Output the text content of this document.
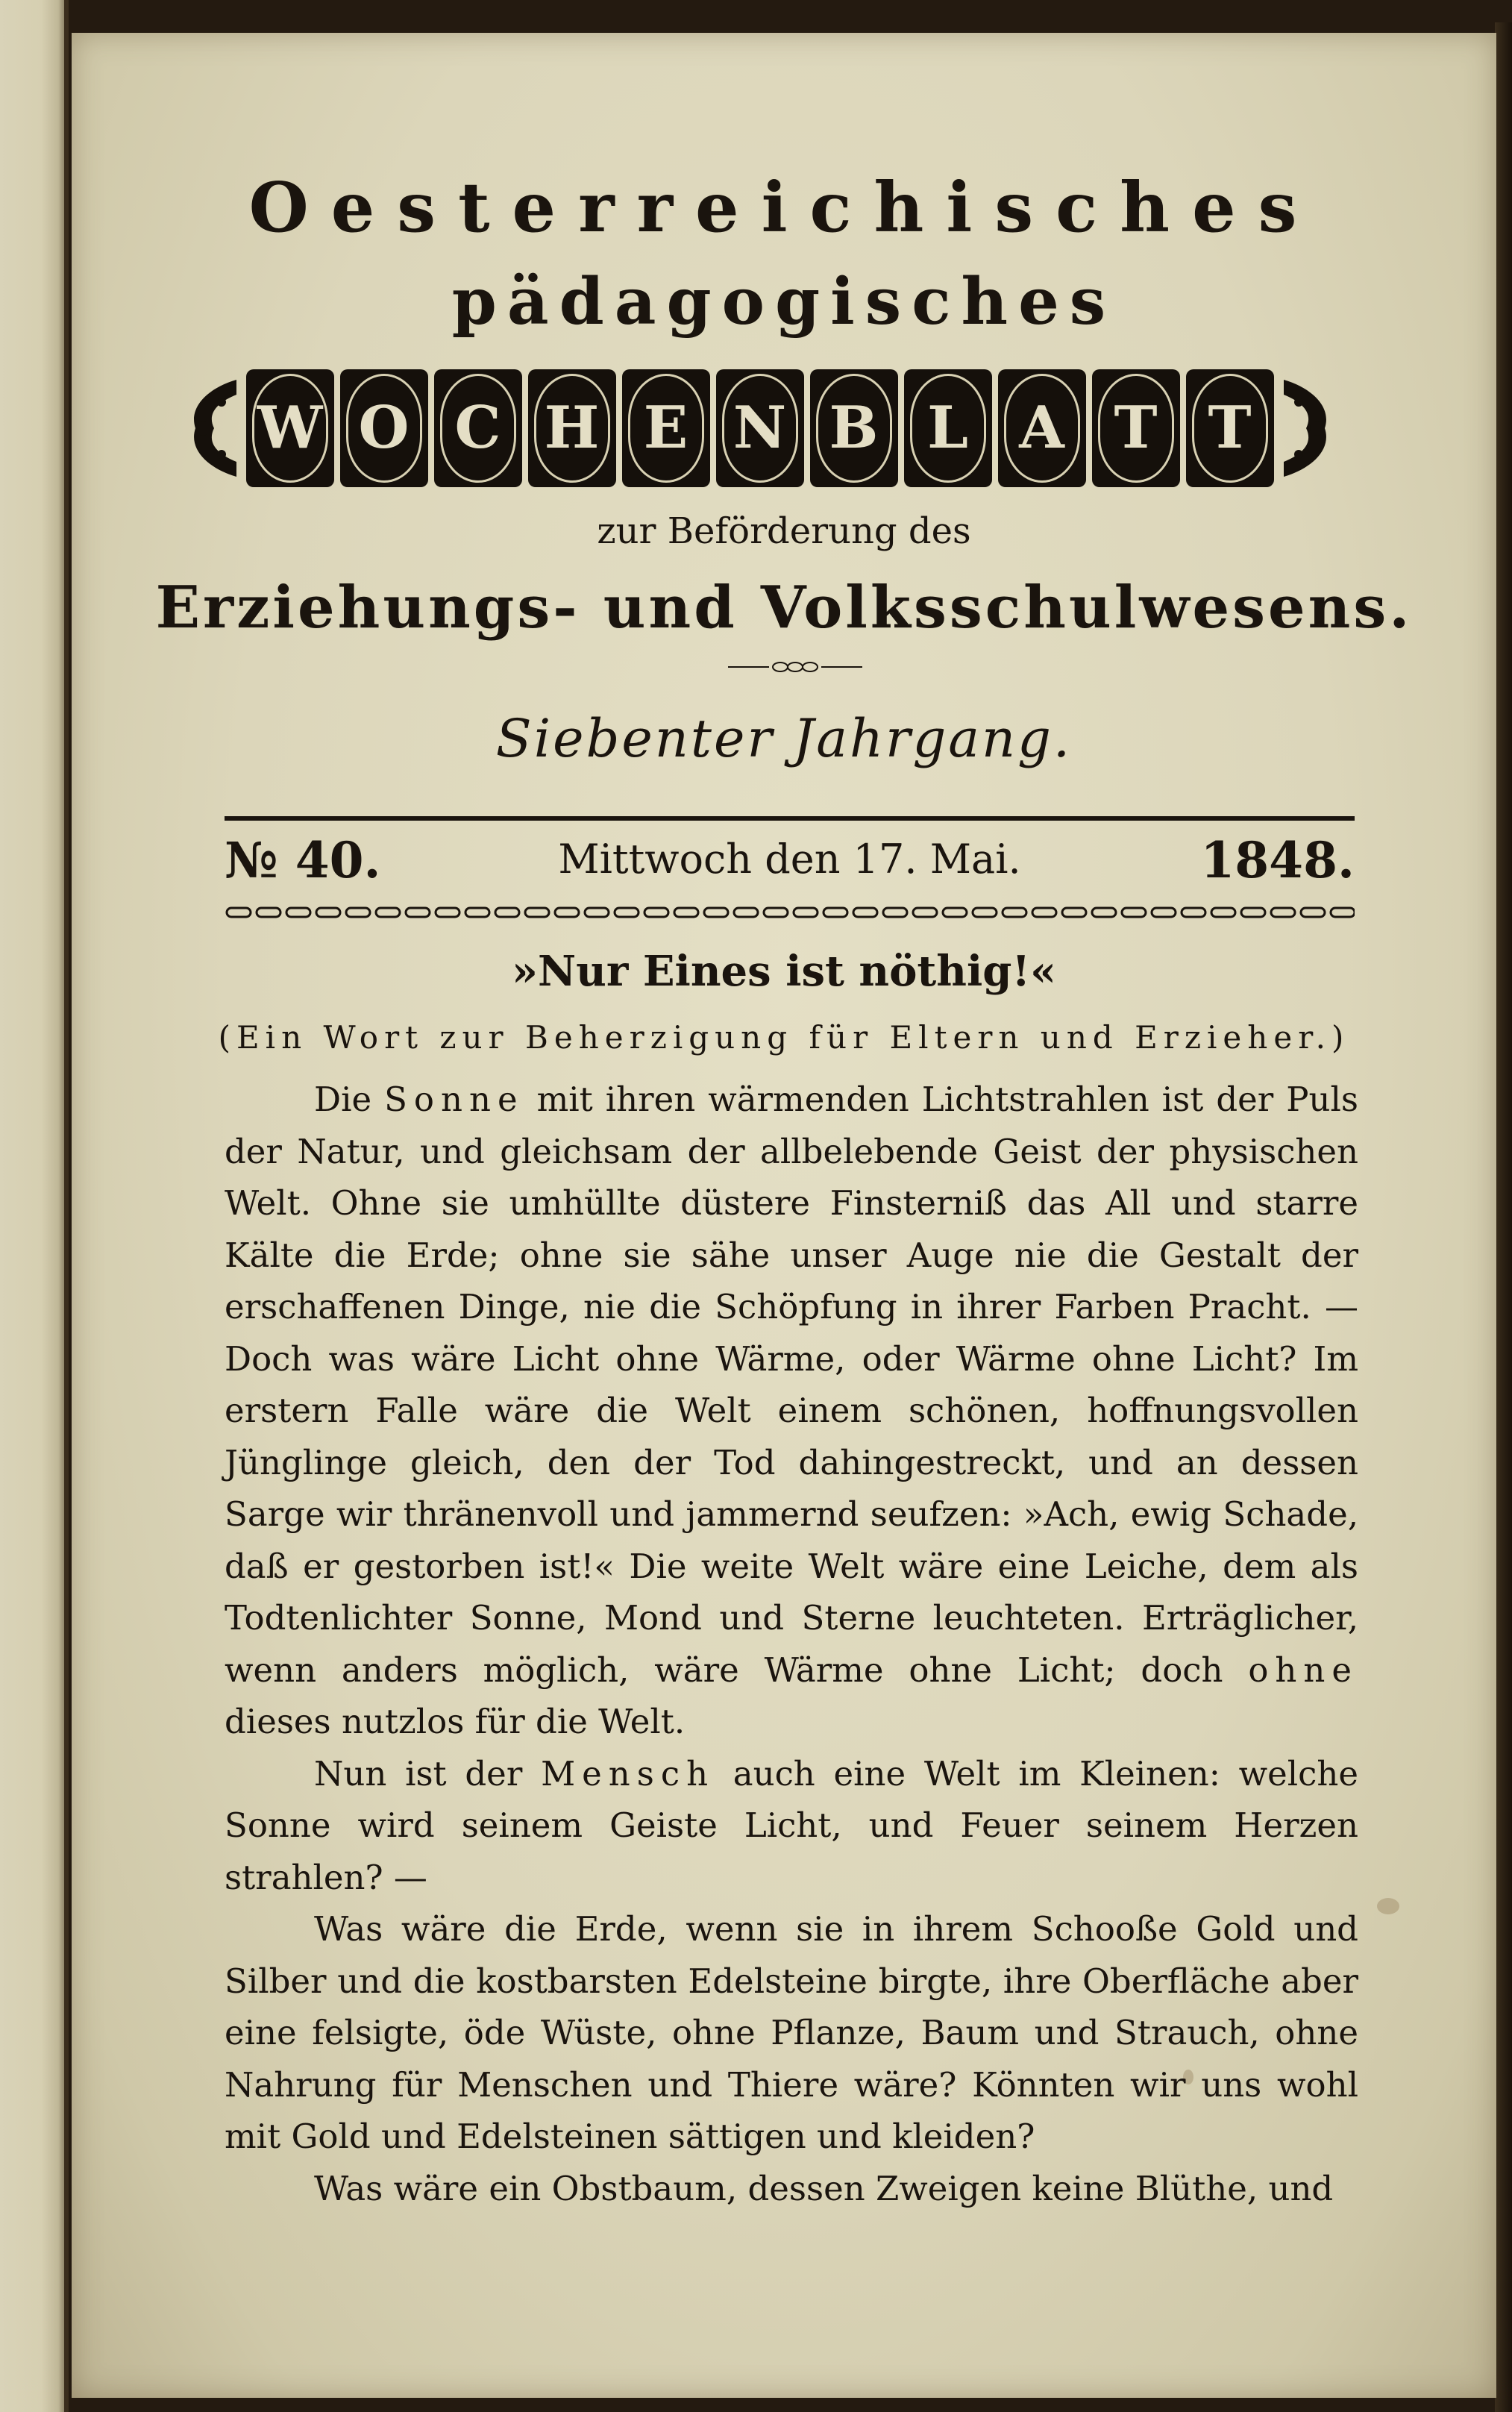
Oesterreichisches
pädagogisches
W O C H E N B L A T T
zur Beförderung des
Erziehungs- und Volksschulwesens.
Siebenter Jahrgang.
№ 40.	Mittwoch den 17. Mai.	1848.
»Nur Eines ist nöthig!«
(Ein Wort zur Beherzigung für Eltern und Erzieher.)

Die Sonne mit ihren wärmenden Lichtstrahlen ist der Puls der Natur, und gleichsam der allbelebende Geist der physischen Welt. Ohne sie umhüllte düstere Finsterniß das All und starre Kälte die Erde; ohne sie sähe unser Auge nie die Gestalt der erschaffenen Dinge, nie die Schöpfung in ihrer Farben Pracht. — Doch was wäre Licht ohne Wärme, oder Wärme ohne Licht? Im erstern Falle wäre die Welt einem schönen, hoffnungsvollen Jünglinge gleich, den der Tod dahingestreckt, und an dessen Sarge wir thränenvoll und jammernd seufzen: »Ach, ewig Schade, daß er gestorben ist!« Die weite Welt wäre eine Leiche, dem als Todtenlichter Sonne, Mond und Sterne leuchteten. Erträglicher, wenn anders möglich, wäre Wärme ohne Licht; doch ohne dieses nutzlos für die Welt.

Nun ist der Mensch auch eine Welt im Kleinen: welche Sonne wird seinem Geiste Licht, und Feuer seinem Herzen strahlen? —

Was wäre die Erde, wenn sie in ihrem Schooße Gold und Silber und die kostbarsten Edelsteine birgte, ihre Oberfläche aber eine felsigte, öde Wüste, ohne Pflanze, Baum und Strauch, ohne Nahrung für Menschen und Thiere wäre? Könnten wir uns wohl mit Gold und Edelsteinen sättigen und kleiden?

Was wäre ein Obstbaum, dessen Zweigen keine Blüthe, und
